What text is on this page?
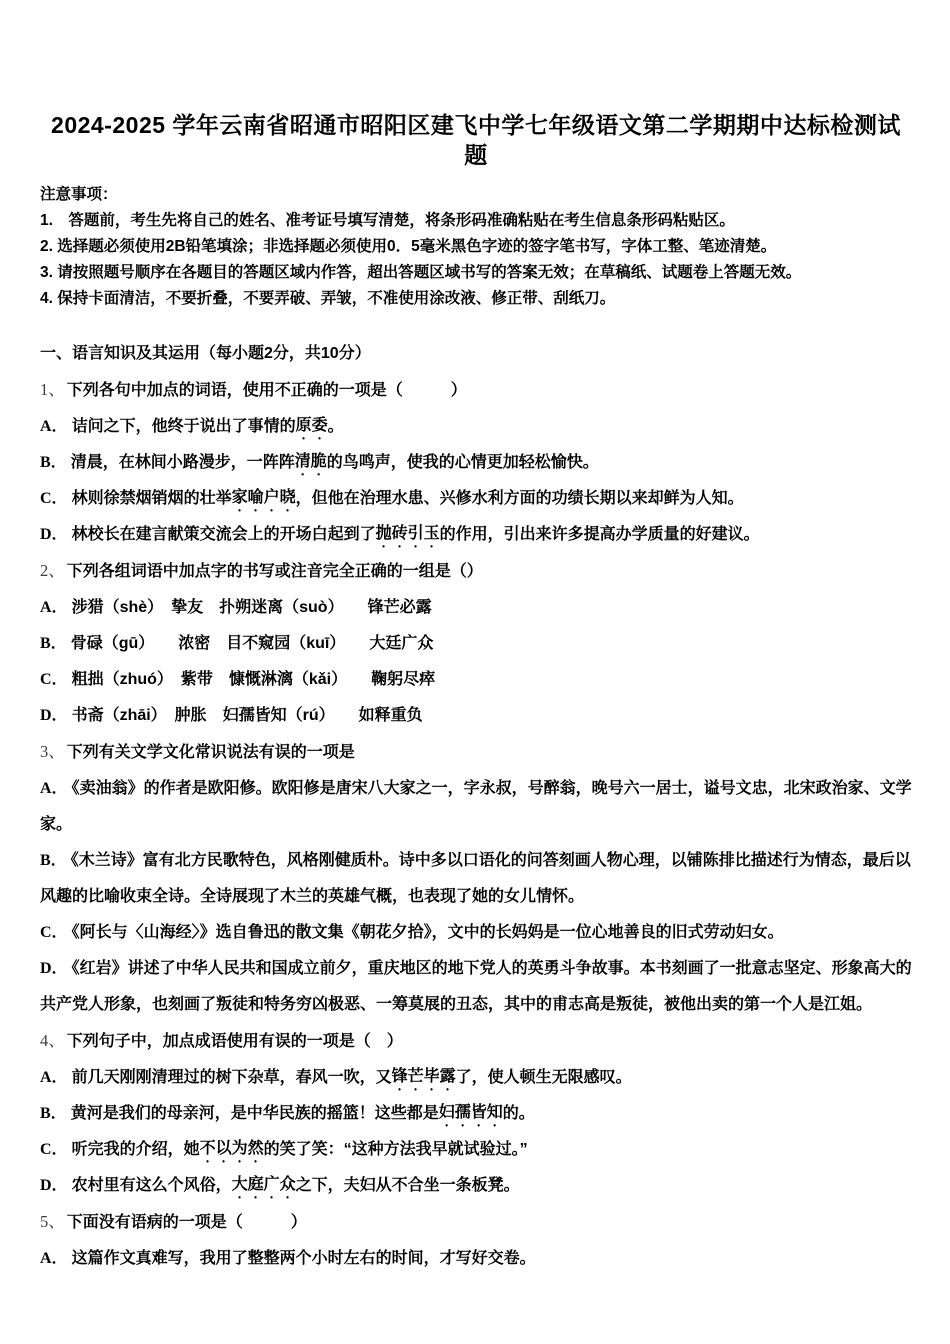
2024-2025 学年云南省昭通市昭阳区建飞中学七年级语文第二学期期中达标检测试题

注意事项：

1.　答题前，考生先将自己的姓名、准考证号填写清楚，将条形码准确粘贴在考生信息条形码粘贴区。

2. 选择题必须使用2B铅笔填涂；非选择题必须使用0．5毫米黑色字迹的签字笔书写，字体工整、笔迹清楚。

3. 请按照题号顺序在各题目的答题区域内作答，超出答题区域书写的答案无效；在草稿纸、试题卷上答题无效。

4. 保持卡面清洁，不要折叠，不要弄破、弄皱，不准使用涂改液、修正带、刮纸刀。

一、语言知识及其运用（每小题2分，共10分）

1、 下列各句中加点的词语，使用不正确的一项是（　　　）

A． 诘问之下，他终于说出了事情的原委。

B． 清晨，在林间小路漫步，一阵阵清脆的鸟鸣声，使我的心情更加轻松愉快。

C． 林则徐禁烟销烟的壮举家喻户晓，但他在治理水患、兴修水利方面的功绩长期以来却鲜为人知。

D． 林校长在建言献策交流会上的开场白起到了抛砖引玉的作用，引出来许多提高办学质量的好建议。

2、 下列各组词语中加点字的书写或注音完全正确的一组是（）

A． 涉猎（shè）　挚友　扑朔迷离（suò）　　锋芒必露

B． 骨碌（gū）　　浓密　目不窥园（kuī）　　大廷广众

C． 粗拙（zhuó）　紫带　慷慨淋漓（kǎi）　　鞠躬尽瘁

D． 书斋（zhāi）　肿胀　妇孺皆知（rú）　　如释重负

3、 下列有关文学文化常识说法有误的一项是

A． 《卖油翁》的作者是欧阳修。欧阳修是唐宋八大家之一，字永叔，号醉翁，晚号六一居士，谥号文忠，北宋政治家、文学家。

B． 《木兰诗》富有北方民歌特色，风格刚健质朴。诗中多以口语化的问答刻画人物心理，以铺陈排比描述行为情态，最后以风趣的比喻收束全诗。全诗展现了木兰的英雄气概，也表现了她的女儿情怀。

C． 《阿长与〈山海经〉》选自鲁迅的散文集《朝花夕拾》，文中的长妈妈是一位心地善良的旧式劳动妇女。

D． 《红岩》讲述了中华人民共和国成立前夕，重庆地区的地下党人的英勇斗争故事。本书刻画了一批意志坚定、形象高大的共产党人形象，也刻画了叛徒和特务穷凶极恶、一筹莫展的丑态，其中的甫志高是叛徒，被他出卖的第一个人是江姐。

4、 下列句子中，加点成语使用有误的一项是（　）

A． 前几天刚刚清理过的树下杂草，春风一吹，又锋芒毕露了，使人顿生无限感叹。

B． 黄河是我们的母亲河，是中华民族的摇篮！这些都是妇孺皆知的。

C． 听完我的介绍，她不以为然的笑了笑：“这种方法我早就试验过。”

D． 农村里有这么个风俗，大庭广众之下，夫妇从不合坐一条板凳。

5、 下面没有语病的一项是（　　　）

A． 这篇作文真难写，我用了整整两个小时左右的时间，才写好交卷。
